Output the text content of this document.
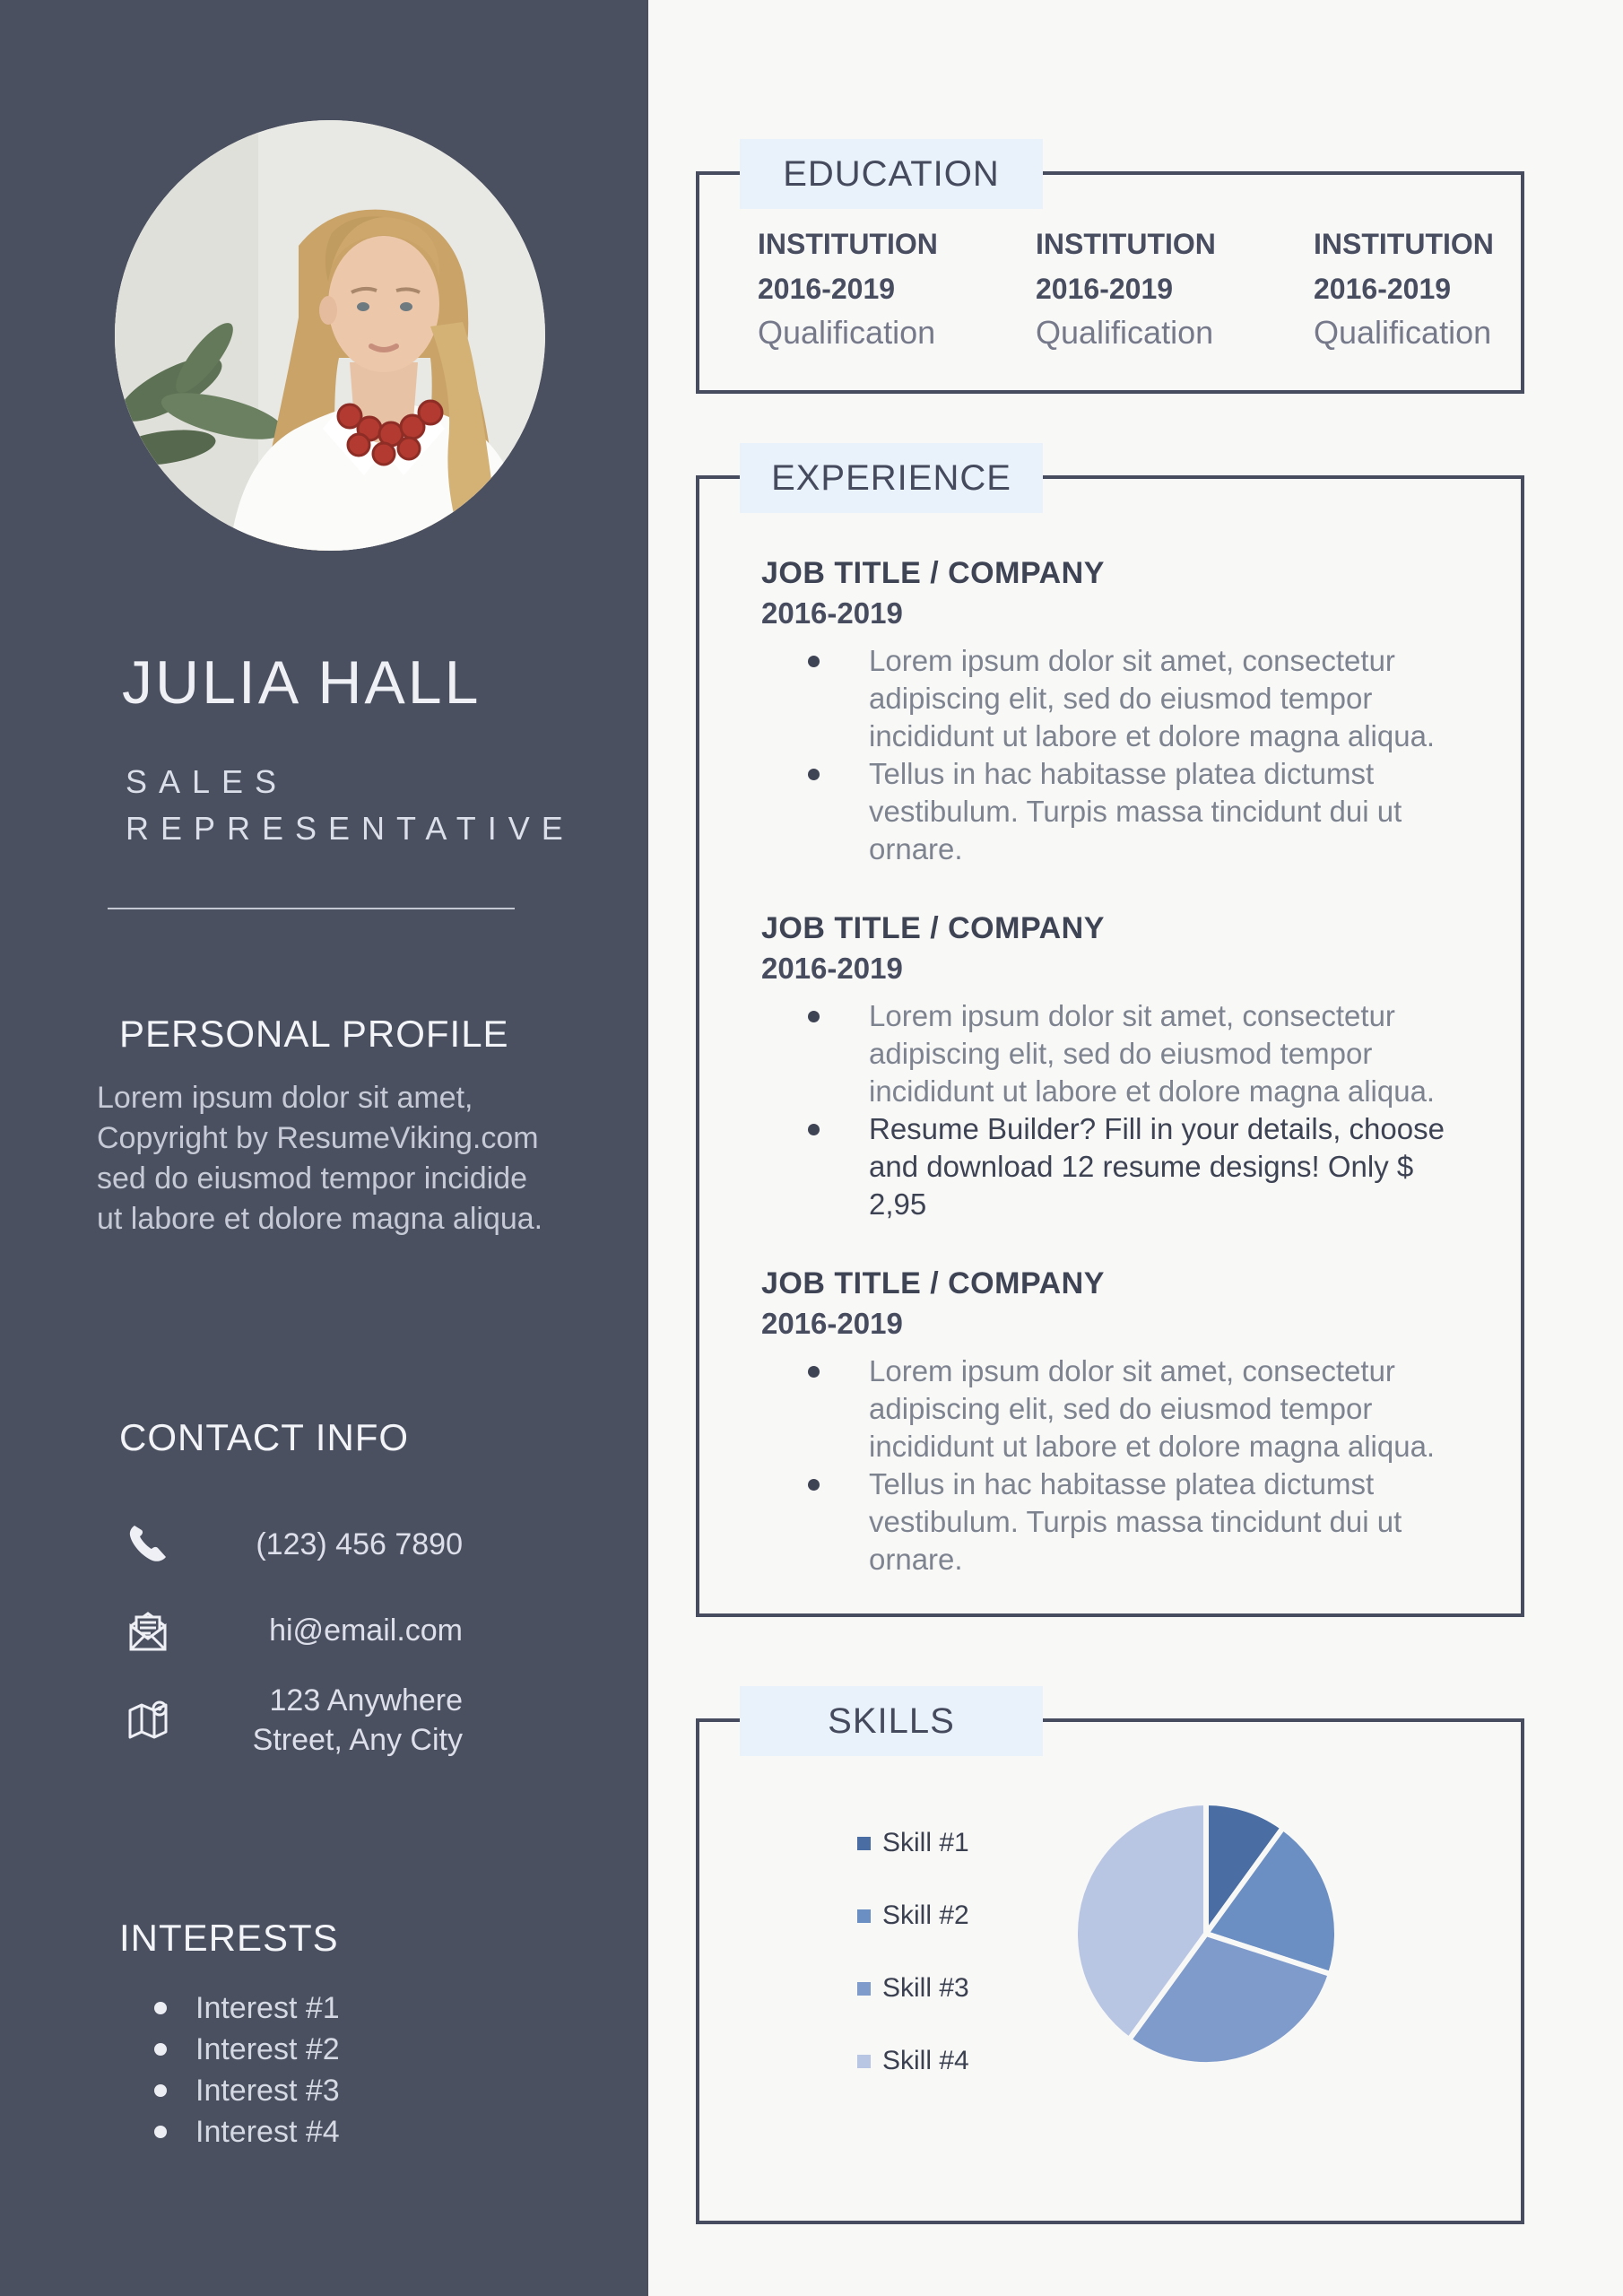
JULIA HALL
SALES
REPRESENTATIVE
PERSONAL PROFILE

Lorem ipsum dolor sit amet, Copyright by ResumeViking.com sed do eiusmod tempor incidide ut labore et dolore magna aliqua.

CONTACT INFO
(123) 456 7890
hi@email.com
123 Anywhere Street, Any City
INTERESTS
Interest #1
Interest #2
Interest #3
Interest #4
EDUCATION
INSTITUTION
2016-2019
Qualification
INSTITUTION
2016-2019
Qualification
INSTITUTION
2016-2019
Qualification
EXPERIENCE
JOB TITLE / COMPANY
2016-2019
Lorem ipsum dolor sit amet, consectetur adipiscing elit, sed do eiusmod tempor incididunt ut labore et dolore magna aliqua.
Tellus in hac habitasse platea dictumst vestibulum. Turpis massa tincidunt dui ut ornare.
JOB TITLE / COMPANY
2016-2019
Lorem ipsum dolor sit amet, consectetur adipiscing elit, sed do eiusmod tempor incididunt ut labore et dolore magna aliqua.
Resume Builder? Fill in your details, choose and download 12 resume designs! Only $ 2,95
JOB TITLE / COMPANY
2016-2019
Lorem ipsum dolor sit amet, consectetur adipiscing elit, sed do eiusmod tempor incididunt ut labore et dolore magna aliqua.
Tellus in hac habitasse platea dictumst vestibulum. Turpis massa tincidunt dui ut ornare.
SKILLS
Skill #1
Skill #2
Skill #3
Skill #4
